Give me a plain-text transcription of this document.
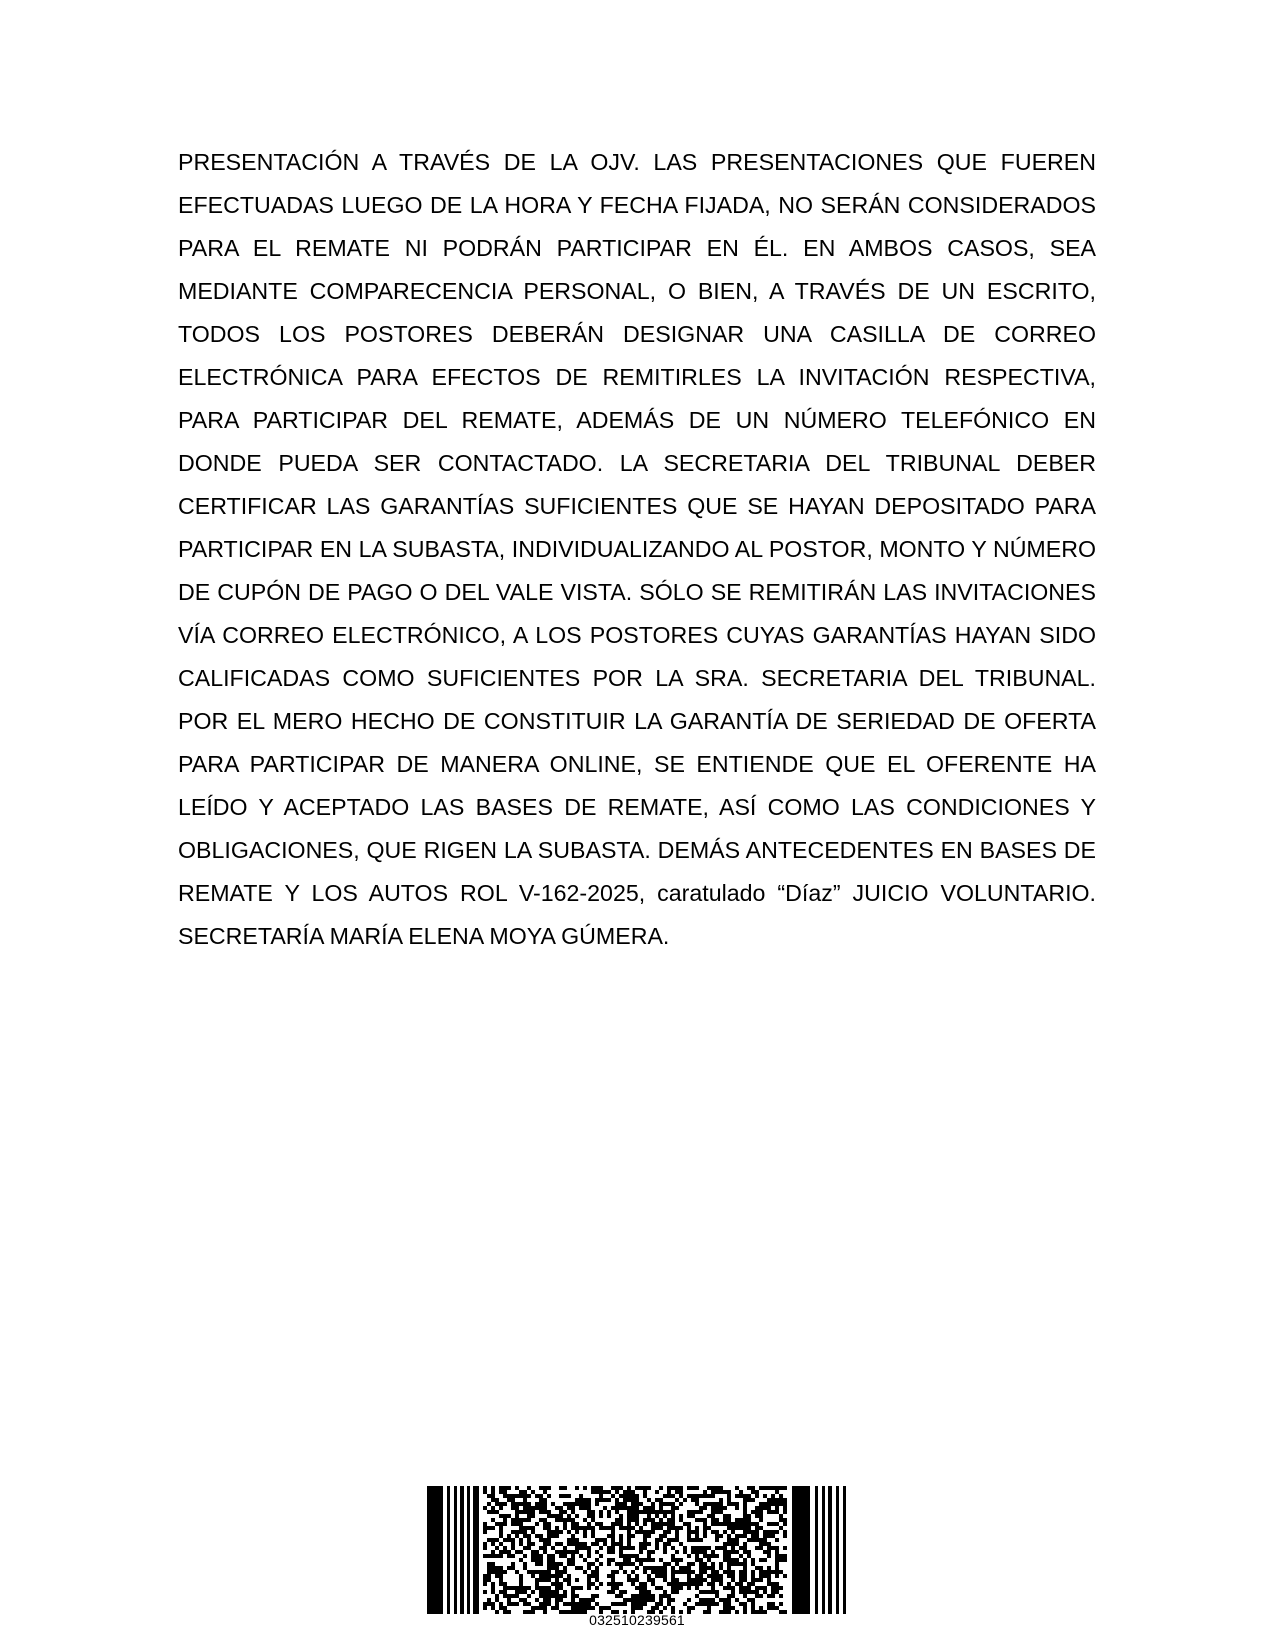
PRESENTACIÓN A TRAVÉS DE LA OJV. LAS PRESENTACIONES QUE FUEREN EFECTUADAS LUEGO DE LA HORA Y FECHA FIJADA, NO SERÁN CONSIDERADOS PARA EL REMATE NI PODRÁN PARTICIPAR EN ÉL. EN AMBOS CASOS, SEA MEDIANTE COMPARECENCIA PERSONAL, O BIEN, A TRAVÉS DE UN ESCRITO, TODOS LOS POSTORES DEBERÁN DESIGNAR UNA CASILLA DE CORREO ELECTRÓNICA PARA EFECTOS DE REMITIRLES LA INVITACIÓN RESPECTIVA, PARA PARTICIPAR DEL REMATE, ADEMÁS DE UN NÚMERO TELEFÓNICO EN DONDE PUEDA SER CONTACTADO. LA SECRETARIA DEL TRIBUNAL DEBER CERTIFICAR LAS GARANTÍAS SUFICIENTES QUE SE HAYAN DEPOSITADO PARA PARTICIPAR EN LA SUBASTA, INDIVIDUALIZANDO AL POSTOR, MONTO Y NÚMERO DE CUPÓN DE PAGO O DEL VALE VISTA. SÓLO SE REMITIRÁN LAS INVITACIONES VÍA CORREO ELECTRÓNICO, A LOS POSTORES CUYAS GARANTÍAS HAYAN SIDO CALIFICADAS COMO SUFICIENTES POR LA SRA. SECRETARIA DEL TRIBUNAL. POR EL MERO HECHO DE CONSTITUIR LA GARANTÍA DE SERIEDAD DE OFERTA PARA PARTICIPAR DE MANERA ONLINE, SE ENTIENDE QUE EL OFERENTE HA LEÍDO Y ACEPTADO LAS BASES DE REMATE, ASÍ COMO LAS CONDICIONES Y OBLIGACIONES, QUE RIGEN LA SUBASTA. DEMÁS ANTECEDENTES EN BASES DE REMATE Y LOS AUTOS ROL V-162-2025, caratulado “Díaz” JUICIO VOLUNTARIO. SECRETARÍA MARÍA ELENA MOYA GÚMERA.

032510239561
